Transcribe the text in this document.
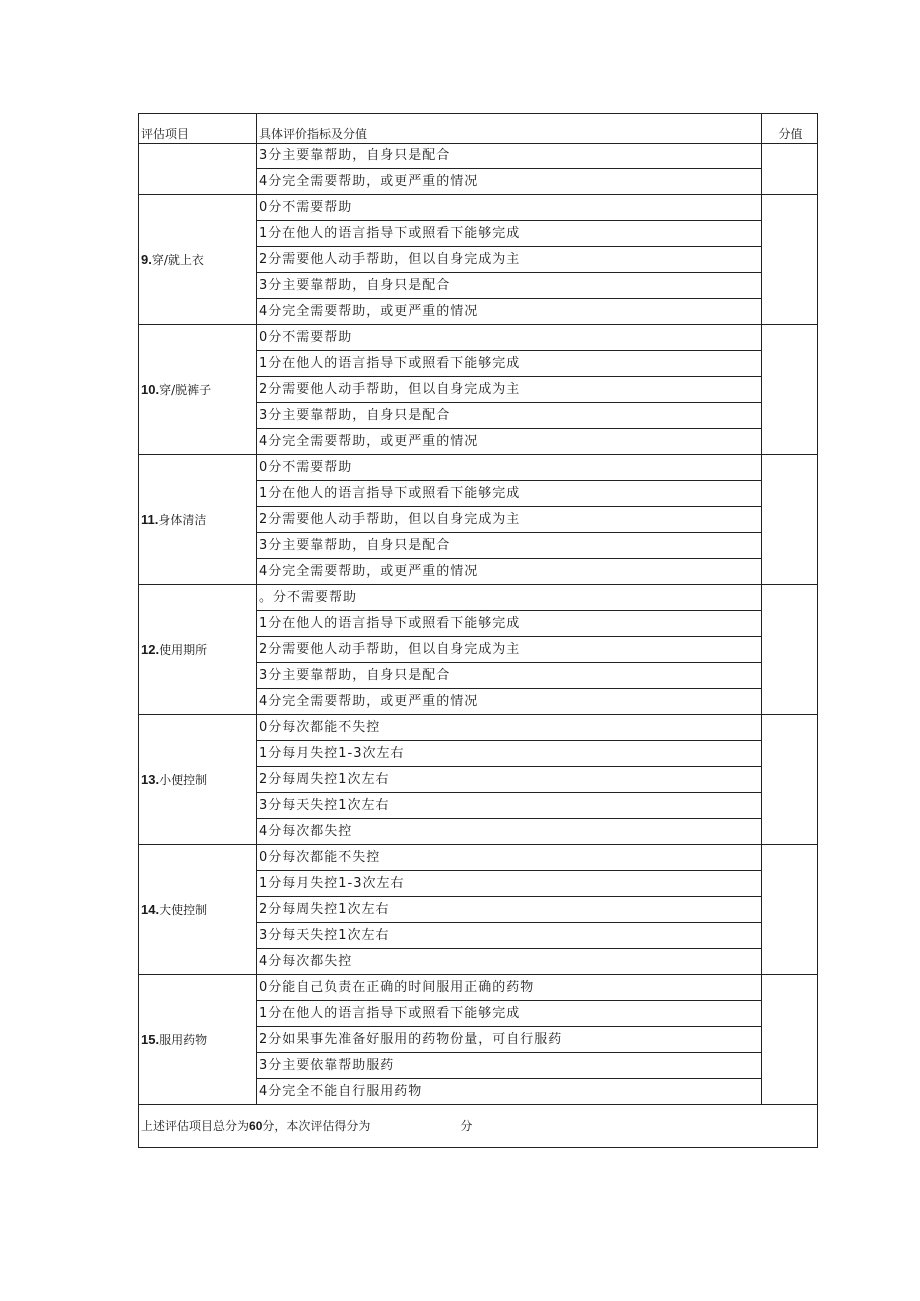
评估项目	具体评价指标及分值	分值
	3分主要靠帮助，自身只是配合	
	4分完全需要帮助，或更严重的情况	
9.穿/就上衣	0分不需要帮助	
	1分在他人的语言指导下或照看下能够完成	
	2分需要他人动手帮助，但以自身完成为主	
	3分主要靠帮助，自身只是配合	
	4分完全需要帮助，或更严重的情况	
10.穿/脱裤子	0分不需要帮助	
	1分在他人的语言指导下或照看下能够完成	
	2分需要他人动手帮助，但以自身完成为主	
	3分主要靠帮助，自身只是配合	
	4分完全需要帮助，或更严重的情况	
11.身体清洁	0分不需要帮助	
	1分在他人的语言指导下或照看下能够完成	
	2分需要他人动手帮助，但以自身完成为主	
	3分主要靠帮助，自身只是配合	
	4分完全需要帮助，或更严重的情况	
12.使用期所	。分不需要帮助	
	1分在他人的语言指导下或照看下能够完成	
	2分需要他人动手帮助，但以自身完成为主	
	3分主要靠帮助，自身只是配合	
	4分完全需要帮助，或更严重的情况	
13.小便控制	0分每次都能不失控	
	1分每月失控1-3次左右	
	2分每周失控1次左右	
	3分每天失控1次左右	
	4分每次都失控	
14.大使控制	0分每次都能不失控	
	1分每月失控1-3次左右	
	2分每周失控1次左右	
	3分每天失控1次左右	
	4分每次都失控	
15.服用药物	0分能自己负责在正确的时间服用正确的药物	
	1分在他人的语言指导下或照看下能够完成	
	2分如果事先准备好服用的药物份量，可自行服药	
	3分主要依靠帮助服药	
	4分完全不能自行服用药物	
上述评估项目总分为60分，本次评估得分为 分		
